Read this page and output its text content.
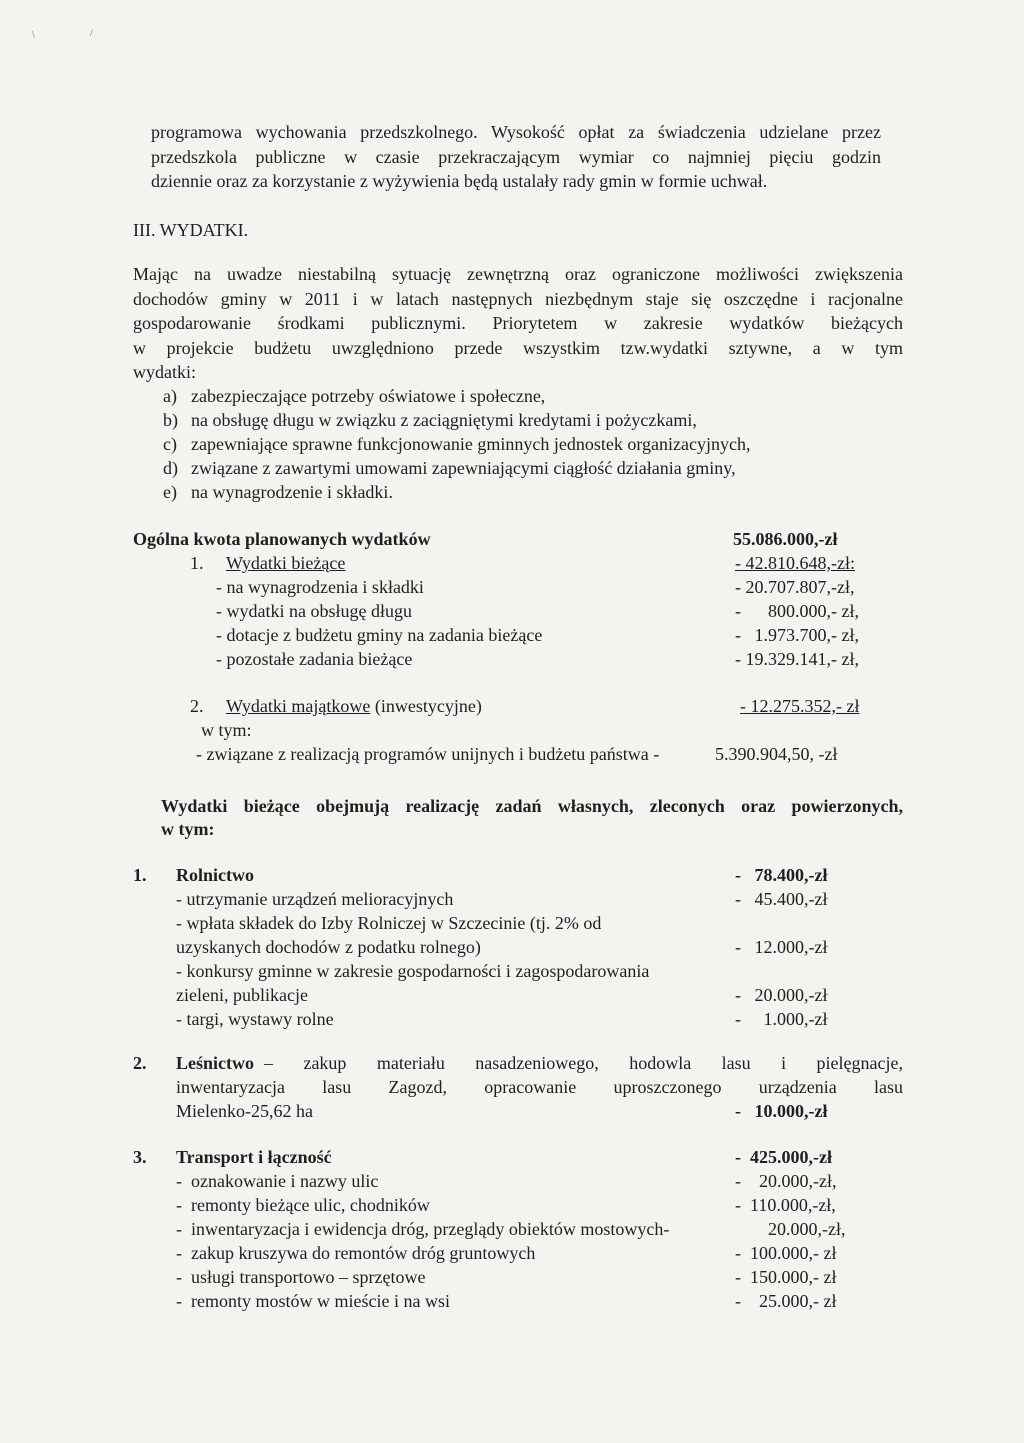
\	/
programowa wychowania przedszkolnego. Wysokość opłat za świadczenia udzielane przez
przedszkola publiczne w czasie przekraczającym wymiar co najmniej pięciu godzin
dziennie oraz za korzystanie z wyżywienia będą ustalały rady gmin w formie uchwał.
III. WYDATKI.
Mając na uwadze niestabilną sytuację zewnętrzną oraz ograniczone możliwości zwiększenia
dochodów gminy w 2011 i w latach następnych niezbędnym staje się oszczędne i racjonalne
gospodarowanie środkami publicznymi. Priorytetem w zakresie wydatków bieżących
w projekcie budżetu uwzględniono przede wszystkim tzw.wydatki sztywne, a w tym
wydatki:
a) zabezpieczające potrzeby oświatowe i społeczne,
b) na obsługę długu w związku z zaciągniętymi kredytami i pożyczkami,
c) zapewniające sprawne funkcjonowanie gminnych jednostek organizacyjnych,
d) związane z zawartymi umowami zapewniającymi ciągłość działania gminy,
e) na wynagrodzenie i składki.
Ogólna kwota planowanych wydatków	55.086.000,-zł
1. Wydatki bieżące	- 42.810.648,-zł:
- na wynagrodzenia i składki	- 20.707.807,-zł,
- wydatki na obsługę długu	-      800.000,- zł,
- dotacje z budżetu gminy na zadania bieżące	-   1.973.700,- zł,
- pozostałe zadania bieżące	- 19.329.141,- zł,
2. Wydatki majątkowe (inwestycyjne)	- 12.275.352,- zł
w tym:
- związane z realizacją programów unijnych i budżetu państwa -	5.390.904,50, -zł
Wydatki bieżące obejmują realizację zadań własnych, zleconych oraz powierzonych,
w tym:
1. Rolnictwo	-   78.400,-zł
- utrzymanie urządzeń melioracyjnych	-   45.400,-zł
- wpłata składek do Izby Rolniczej w Szczecinie (tj. 2% od
uzyskanych dochodów z podatku rolnego)	-   12.000,-zł
- konkursy gminne w zakresie gospodarności i zagospodarowania
zieleni, publikacje	-   20.000,-zł
- targi, wystawy rolne	-     1.000,-zł
2. Leśnictwo – zakup materiału nasadzeniowego, hodowla lasu i pielęgnacje,
inwentaryzacja lasu Zagozd, opracowanie uproszczonego urządzenia lasu
Mielenko-25,62 ha	-   10.000,-zł
3. Transport i łączność	-  425.000,-zł
-  oznakowanie i nazwy ulic	-    20.000,-zł,
-  remonty bieżące ulic, chodników	-  110.000,-zł,
-  inwentaryzacja i ewidencja dróg, przeglądy obiektów mostowych-	20.000,-zł,
-  zakup kruszywa do remontów dróg gruntowych	-  100.000,- zł
-  usługi transportowo – sprzętowe	-  150.000,- zł
-  remonty mostów w mieście i na wsi	-    25.000,- zł
